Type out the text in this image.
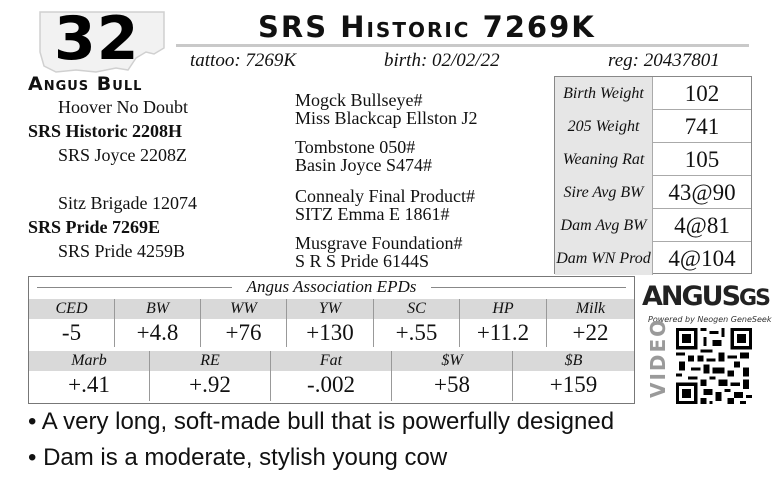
32	SRS Historic 7269K
tattoo: 7269K	birth: 02/02/22	reg: 20437801
Angus Bull
Hoover No Doubt
SRS Historic 2208H
SRS Joyce 2208Z
Sitz Brigade 12074
SRS Pride 7269E
SRS Pride 4259B
Mogck Bullseye#
Miss Blackcap Ellston J2
Tombstone 050#
Basin Joyce S474#
Connealy Final Product#
SITZ Emma E 1861#
Musgrave Foundation#
S R S Pride 6144S
Birth Weight	102
205 Weight	741
Weaning Rat	105
Sire Avg BW	43@90
Dam Avg BW	4@81
Dam WN Prod 4@104
Angus Association EPDs
CED	BW	WW	YW	SC	HP	Milk
-5	+4.8	+76	+130	+.55	+11.2	+22
Marb	RE	Fat	$W	$B
+.41	+.92	-.002	+58	+159
ANGUSGS
Powered by Neogen GeneSeek
VIDEO
• A very long, soft-made bull that is powerfully designed
• Dam is a moderate, stylish young cow
